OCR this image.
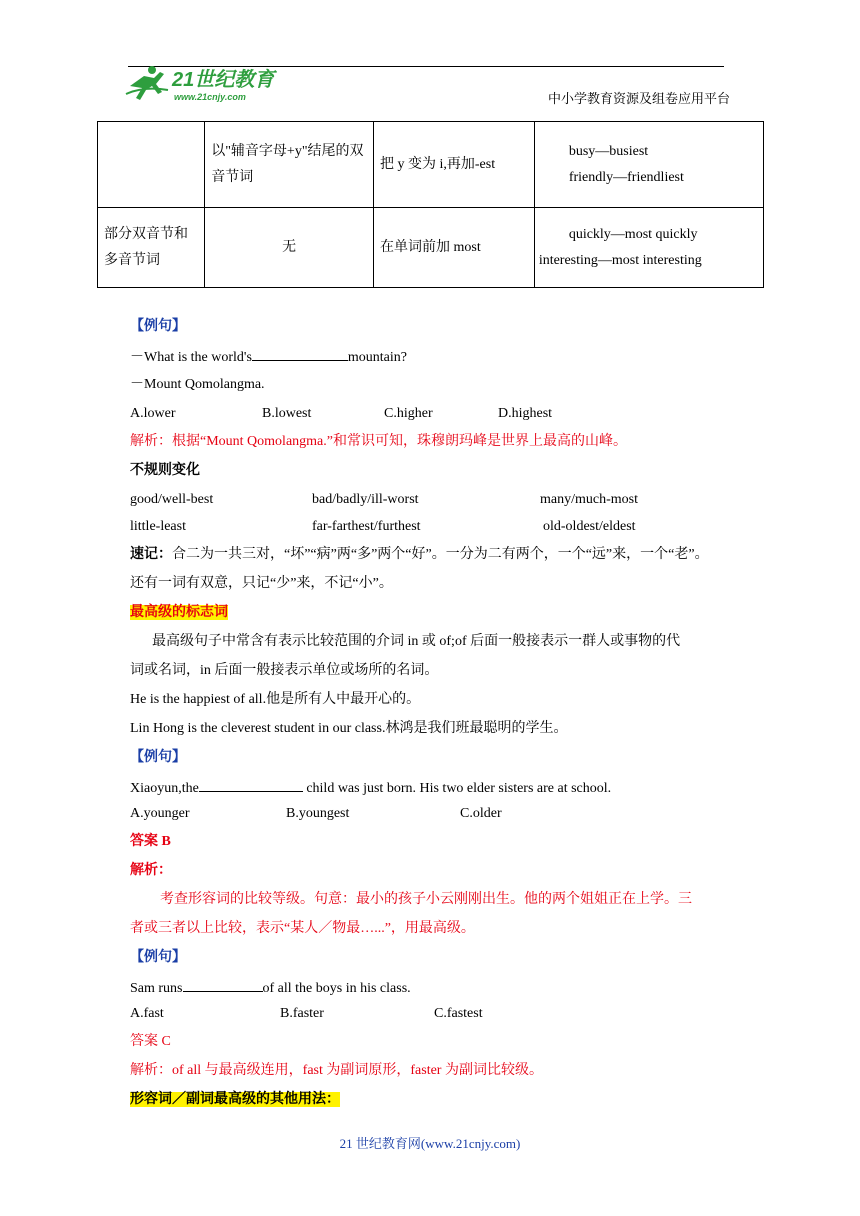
21世纪教育
www.21cnjy.com	中小学教育资源及组卷应用平台
	以"辅音字母+y"结尾的双音节词	把 y 变为 i,再加-est	busy—busiest
friendly—friendliest

部分双音节和多音节词	无	在单词前加 most	quickly—most quickly
interesting—most interesting
【例句】
－What is the world's	mountain?
－Mount Qomolangma.
A.lower	B.lowest	C.higher	D.highest
解析：根据“Mount Qomolangma.”和常识可知，珠穆朗玛峰是世界上最高的山峰。
不规则变化
good/well-best	bad/badly/ill-worst	many/much-most
little-least	far-farthest/furthest	old-oldest/eldest
速记：合二为一共三对，“坏”“病”两“多”两个“好”。一分为二有两个，一个“远”来，一个“老”。
还有一词有双意，只记“少”来，不记“小”。
最高级的标志词
最高级句子中常含有表示比较范围的介词 in 或 of;of 后面一般接表示一群人或事物的代
词或名词，in 后面一般接表示单位或场所的名词。
He is the happiest of all.他是所有人中最开心的。
Lin Hong is the cleverest student in our class.林鸿是我们班最聪明的学生。
【例句】
Xiaoyun,the	child was just born. His two elder sisters are at school.
A.younger	B.youngest	C.older
答案 B
解析：
考查形容词的比较等级。句意：最小的孩子小云刚刚出生。他的两个姐姐正在上学。三
者或三者以上比较，表示“某人／物最…...”，用最高级。
【例句】
Sam runs	of all the boys in his class.
A.fast	B.faster	C.fastest
答案 C
解析：of all 与最高级连用，fast 为副词原形，faster 为副词比较级。
形容词／副词最高级的其他用法：
21 世纪教育网(www.21cnjy.com)
